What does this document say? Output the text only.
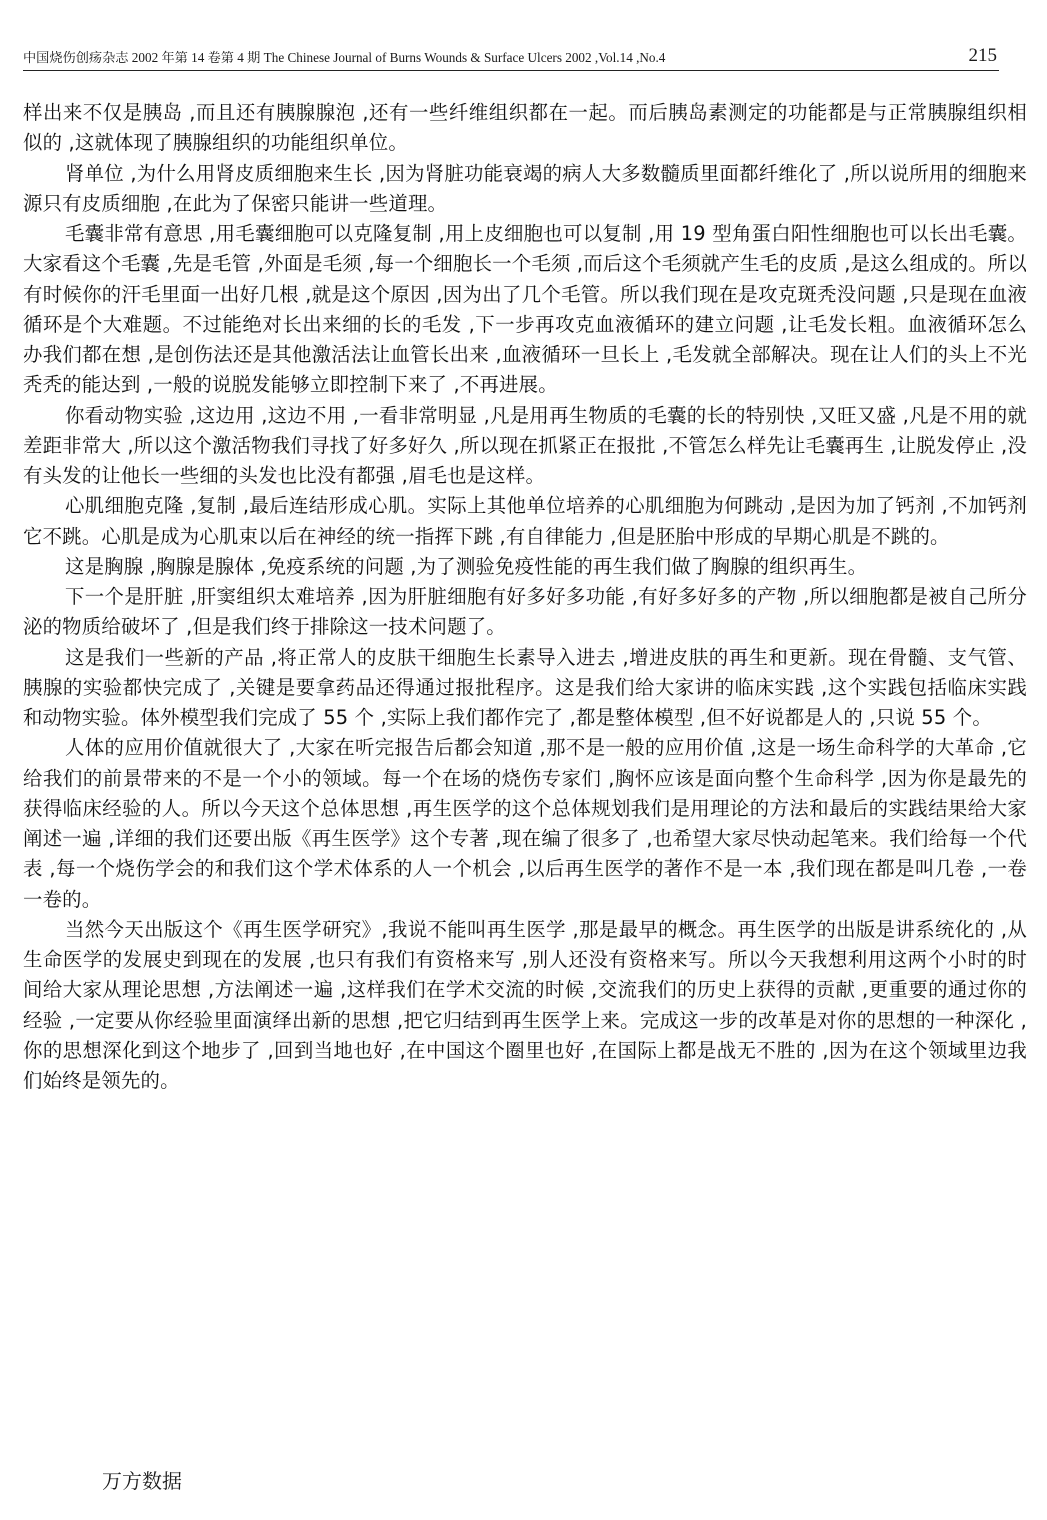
中国烧伤创疡杂志 2002 年第 14 卷第 4 期 The Chinese Journal of Burns Wounds & Surface Ulcers 2002 ,Vol.14 ,No.4	215

样出来不仅是胰岛 ,而且还有胰腺腺泡 ,还有一些纤维组织都在一起。而后胰岛素测定的功能都是与正常胰腺组织相似的 ,这就体现了胰腺组织的功能组织单位。

肾单位 ,为什么用肾皮质细胞来生长 ,因为肾脏功能衰竭的病人大多数髓质里面都纤维化了 ,所以说所用的细胞来源只有皮质细胞 ,在此为了保密只能讲一些道理。

毛囊非常有意思 ,用毛囊细胞可以克隆复制 ,用上皮细胞也可以复制 ,用 19 型角蛋白阳性细胞也可以长出毛囊。大家看这个毛囊 ,先是毛管 ,外面是毛须 ,每一个细胞长一个毛须 ,而后这个毛须就产生毛的皮质 ,是这么组成的。所以有时候你的汗毛里面一出好几根 ,就是这个原因 ,因为出了几个毛管。所以我们现在是攻克斑秃没问题 ,只是现在血液循环是个大难题。不过能绝对长出来细的长的毛发 ,下一步再攻克血液循环的建立问题 ,让毛发长粗。血液循环怎么办我们都在想 ,是创伤法还是其他激活法让血管长出来 ,血液循环一旦长上 ,毛发就全部解决。现在让人们的头上不光秃秃的能达到 ,一般的说脱发能够立即控制下来了 ,不再进展。

你看动物实验 ,这边用 ,这边不用 ,一看非常明显 ,凡是用再生物质的毛囊的长的特别快 ,又旺又盛 ,凡是不用的就差距非常大 ,所以这个激活物我们寻找了好多好久 ,所以现在抓紧正在报批 ,不管怎么样先让毛囊再生 ,让脱发停止 ,没有头发的让他长一些细的头发也比没有都强 ,眉毛也是这样。

心肌细胞克隆 ,复制 ,最后连结形成心肌。实际上其他单位培养的心肌细胞为何跳动 ,是因为加了钙剂 ,不加钙剂它不跳。心肌是成为心肌束以后在神经的统一指挥下跳 ,有自律能力 ,但是胚胎中形成的早期心肌是不跳的。

这是胸腺 ,胸腺是腺体 ,免疫系统的问题 ,为了测验免疫性能的再生我们做了胸腺的组织再生。

下一个是肝脏 ,肝窦组织太难培养 ,因为肝脏细胞有好多好多功能 ,有好多好多的产物 ,所以细胞都是被自己所分泌的物质给破坏了 ,但是我们终于排除这一技术问题了。

这是我们一些新的产品 ,将正常人的皮肤干细胞生长素导入进去 ,增进皮肤的再生和更新。现在骨髓、支气管、胰腺的实验都快完成了 ,关键是要拿药品还得通过报批程序。这是我们给大家讲的临床实践 ,这个实践包括临床实践和动物实验。体外模型我们完成了 55 个 ,实际上我们都作完了 ,都是整体模型 ,但不好说都是人的 ,只说 55 个。

人体的应用价值就很大了 ,大家在听完报告后都会知道 ,那不是一般的应用价值 ,这是一场生命科学的大革命 ,它给我们的前景带来的不是一个小的领域。每一个在场的烧伤专家们 ,胸怀应该是面向整个生命科学 ,因为你是最先的获得临床经验的人。所以今天这个总体思想 ,再生医学的这个总体规划我们是用理论的方法和最后的实践结果给大家阐述一遍 ,详细的我们还要出版《再生医学》这个专著 ,现在编了很多了 ,也希望大家尽快动起笔来。我们给每一个代表 ,每一个烧伤学会的和我们这个学术体系的人一个机会 ,以后再生医学的著作不是一本 ,我们现在都是叫几卷 ,一卷一卷的。

当然今天出版这个《再生医学研究》,我说不能叫再生医学 ,那是最早的概念。再生医学的出版是讲系统化的 ,从生命医学的发展史到现在的发展 ,也只有我们有资格来写 ,别人还没有资格来写。所以今天我想利用这两个小时的时间给大家从理论思想 ,方法阐述一遍 ,这样我们在学术交流的时候 ,交流我们的历史上获得的贡献 ,更重要的通过你的经验 ,一定要从你经验里面演绎出新的思想 ,把它归结到再生医学上来。完成这一步的改革是对你的思想的一种深化 ,你的思想深化到这个地步了 ,回到当地也好 ,在中国这个圈里也好 ,在国际上都是战无不胜的 ,因为在这个领域里边我们始终是领先的。

万方数据
